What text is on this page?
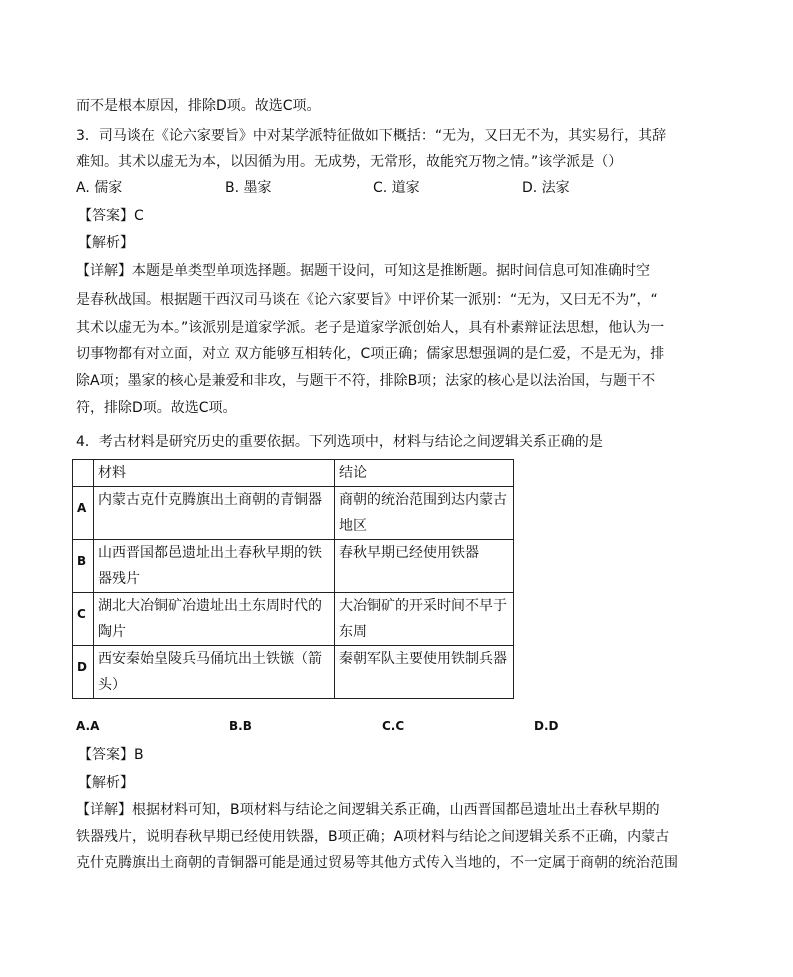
而不是根本原因，排除D项。故选C项。
3．司马谈在《论六家要旨》中对某学派特征做如下概括：“无为，又曰无不为，其实易行，其辞
难知。其术以虚无为本，以因循为用。无成势，无常形，故能究万物之情。”该学派是（）
A. 儒家	B. 墨家	C. 道家	D. 法家
【答案】C
【解析】
【详解】本题是单类型单项选择题。据题干设问，可知这是推断题。据时间信息可知准确时空
是春秋战国。根据题干西汉司马谈在《论六家要旨》中评价某一派别：“无为，又曰无不为”，“
其术以虚无为本。”该派别是道家学派。老子是道家学派创始人，具有朴素辩证法思想，他认为一
切事物都有对立面，对立 双方能够互相转化，C项正确；儒家思想强调的是仁爱，不是无为，排
除A项；墨家的核心是兼爱和非攻，与题干不符，排除B项；法家的核心是以法治国，与题干不
符，排除D项。故选C项。
4．考古材料是研究历史的重要依据。下列选项中，材料与结论之间逻辑关系正确的是
	材料	结论
A	内蒙古克什克腾旗出土商朝的青铜器	商朝的统治范围到达内蒙古地区
B	山西晋国都邑遗址出土春秋早期的铁器残片	春秋早期已经使用铁器
C	湖北大冶铜矿冶遗址出土东周时代的陶片	大冶铜矿的开采时间不早于东周
D	西安秦始皇陵兵马俑坑出土铁镞（箭头）	秦朝军队主要使用铁制兵器
A.A	B.B	C.C	D.D
【答案】B
【解析】
【详解】根据材料可知，B项材料与结论之间逻辑关系正确，山西晋国都邑遗址出土春秋早期的
铁器残片，说明春秋早期已经使用铁器，B项正确；A项材料与结论之间逻辑关系不正确，内蒙古
克什克腾旗出土商朝的青铜器可能是通过贸易等其他方式传入当地的，不一定属于商朝的统治范围
